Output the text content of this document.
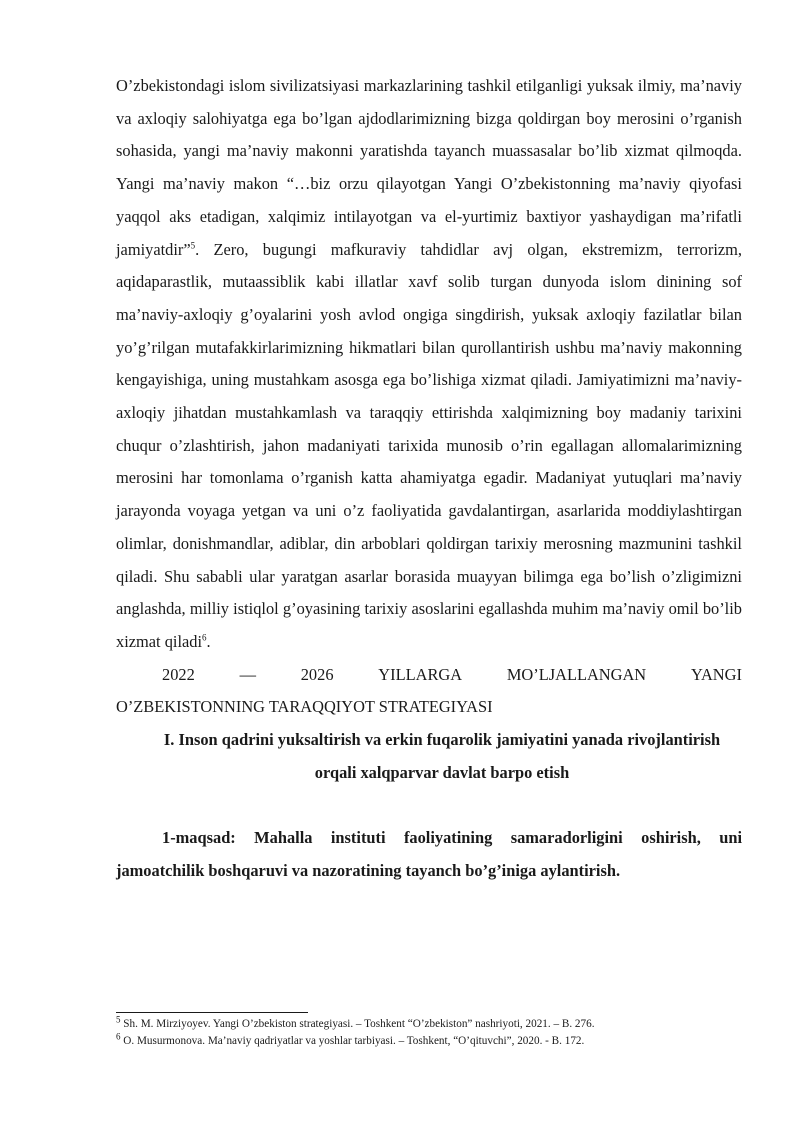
O’zbekistondagi islom sivilizatsiyasi markazlarining tashkil etilganligi yuksak ilmiy, ma’naviy va axloqiy salohiyatga ega bo’lgan ajdodlarimizning bizga qoldirgan boy merosini o’rganish sohasida, yangi ma’naviy makonni yaratishda tayanch muassasalar bo’lib xizmat qilmoqda. Yangi ma’naviy makon “…biz orzu qilayotgan Yangi O’zbekistonning ma’naviy qiyofasi yaqqol aks etadigan, xalqimiz intilayotgan va el-yurtimiz baxtiyor yashaydigan ma’rifatli jamiyatdir”$^5$. Zero, bugungi mafkuraviy tahdidlar avj olgan, ekstremizm, terrorizm, aqidaparastlik, mutaassiblik kabi illatlar xavf solib turgan dunyoda islom dinining sof ma’naviy-axloqiy g’oyalarini yosh avlod ongiga singdirish, yuksak axloqiy fazilatlar bilan yo’g’rilgan mutafakkirlarimizning hikmatlari bilan qurollantirish ushbu ma’naviy makonning kengayishiga, uning mustahkam asosga ega bo’lishiga xizmat qiladi. Jamiyatimizni ma’naviy-axloqiy jihatdan mustahkamlash va taraqqiy ettirishda xalqimizning boy madaniy tarixini chuqur o’zlashtirish, jahon madaniyati tarixida munosib o’rin egallagan allomalarimizning merosini har tomonlama o’rganish katta ahamiyatga egadir. Madaniyat yutuqlari ma’naviy jarayonda voyaga yetgan va uni o’z faoliyatida gavdalantirgan, asarlarida moddiylashtirgan olimlar, donishmandlar, adiblar, din arboblari qoldirgan tarixiy merosning mazmunini tashkil qiladi. Shu sababli ular yaratgan asarlar borasida muayyan bilimga ega bo’lish o’zligimizni anglashda, milliy istiqlol g’oyasining tarixiy asoslarini egallashda muhim ma’naviy omil bo’lib xizmat qiladi$^6$.

2022	—	2026	YILLARGA	MO’LJALLANGAN	YANGI
O’ZBEKISTONNING TARAQQIYOT STRATEGIYASI

I. Inson qadrini yuksaltirish va erkin fuqarolik jamiyatini yanada rivojlantirish orqali xalqparvar davlat barpo etish

1-maqsad: Mahalla instituti faoliyatining samaradorligini oshirish, uni jamoatchilik boshqaruvi va nazoratining tayanch bo’g’iniga aylantirish.

$^5$ Sh. M. Mirziyoyev. Yangi O’zbekiston strategiyasi. – Toshkent “O’zbekiston” nashriyoti, 2021. – B. 276.

$^6$ O. Musurmonova. Ma’naviy qadriyatlar va yoshlar tarbiyasi. – Toshkent, “O’qituvchi”, 2020. - B. 172.
